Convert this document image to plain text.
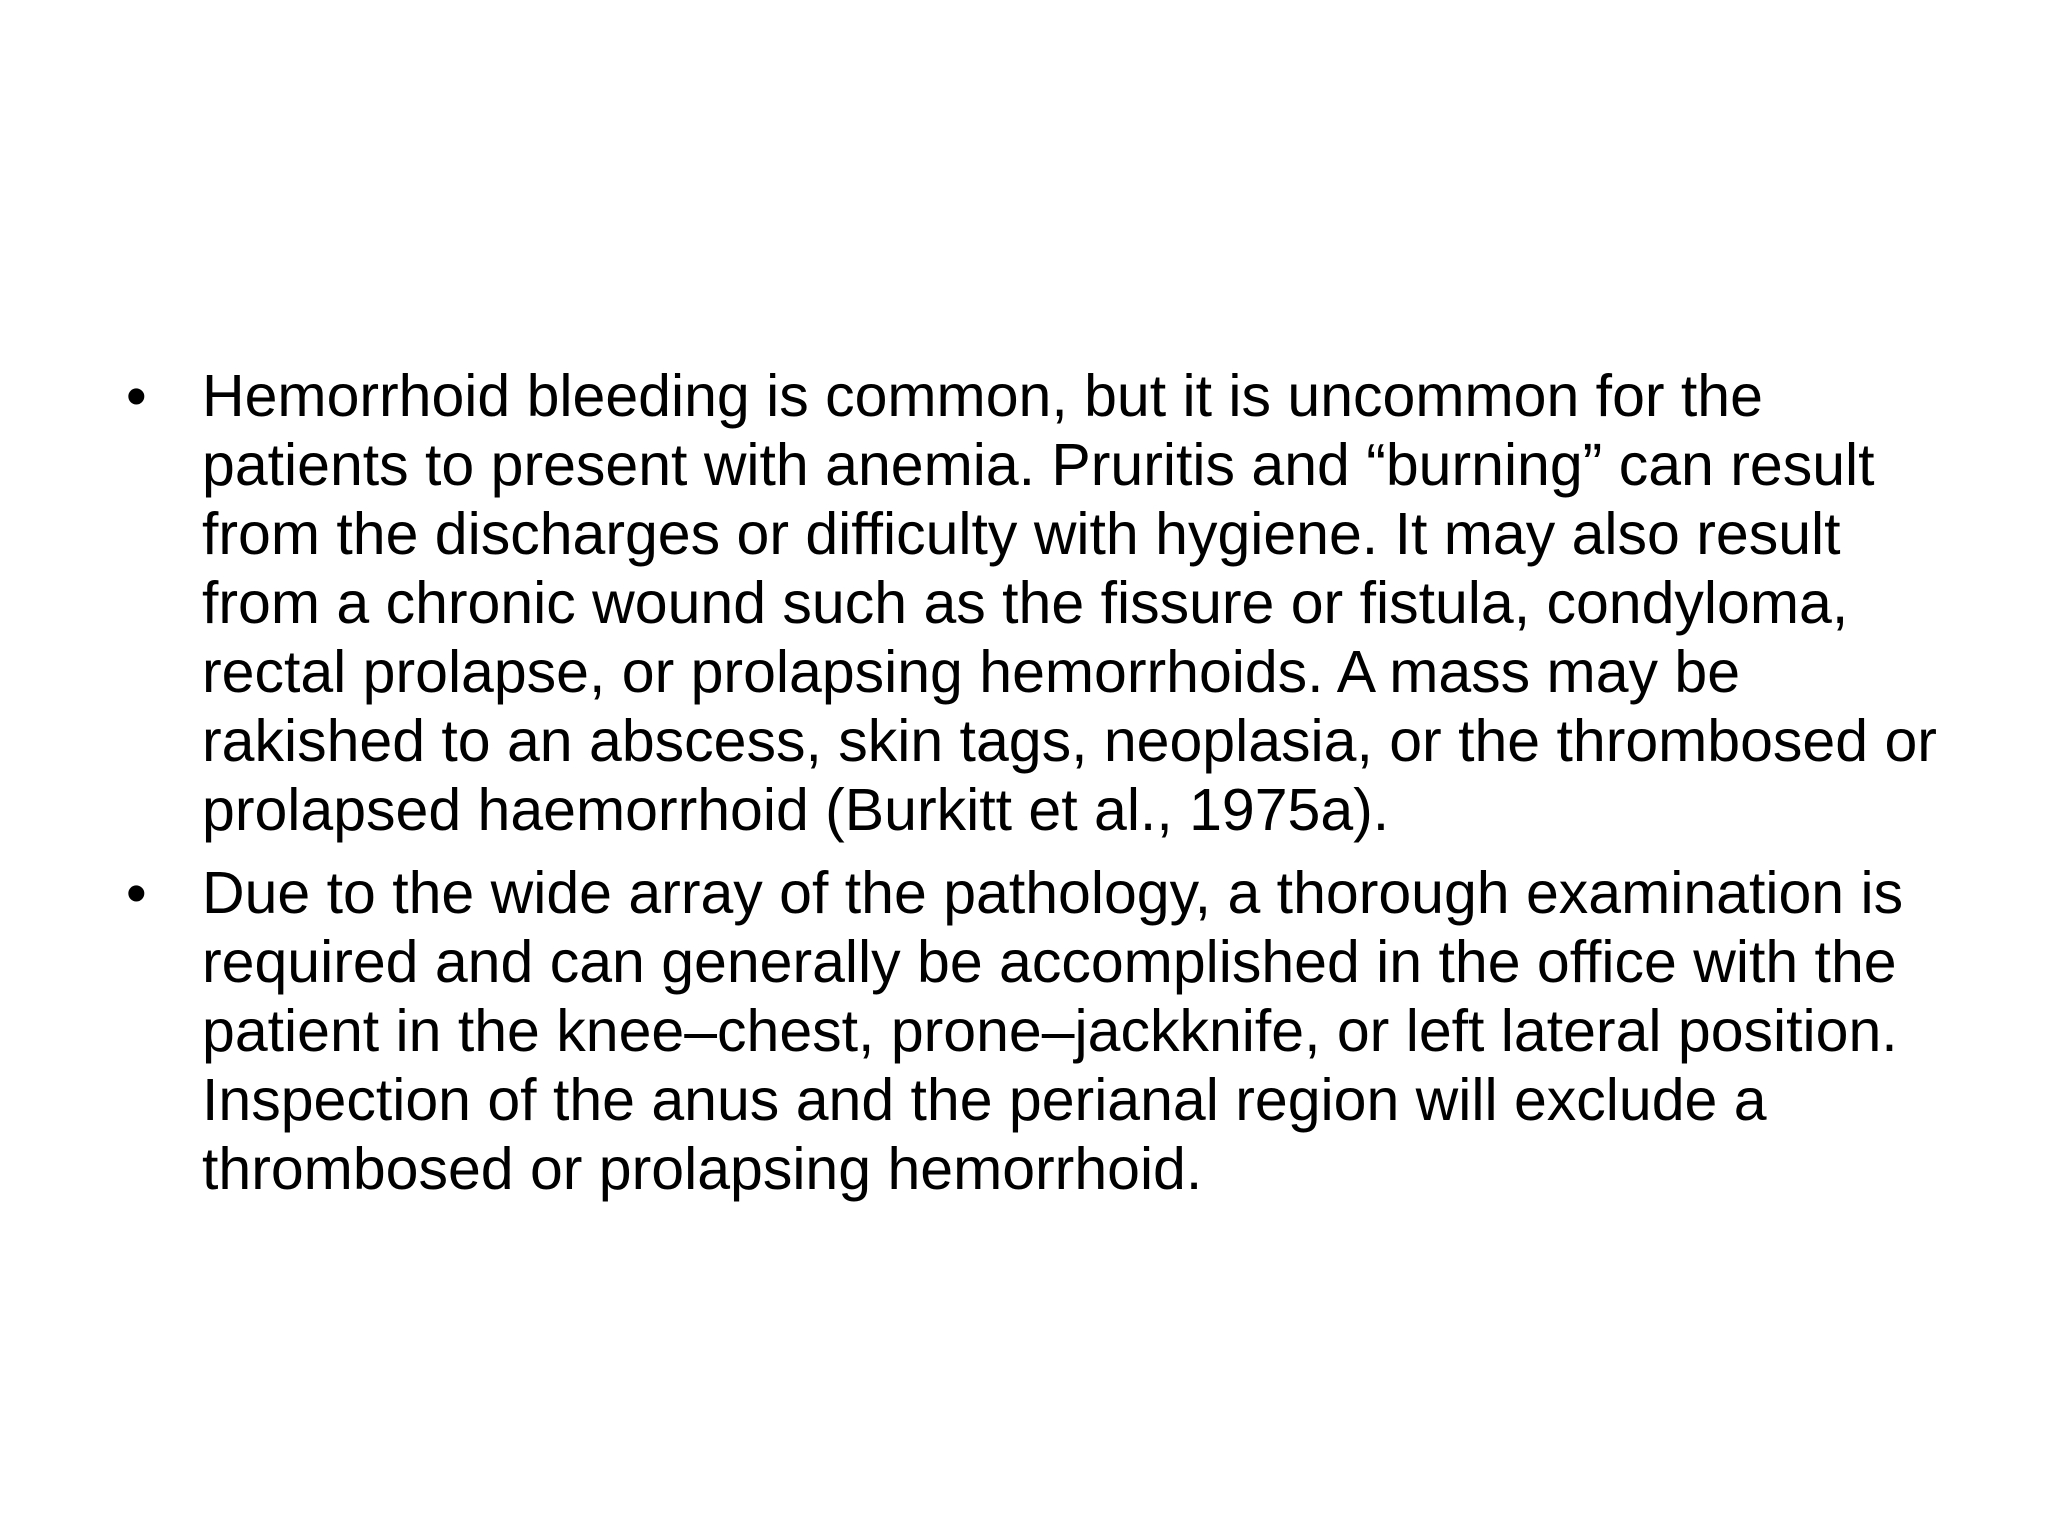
• Hemorrhoid bleeding is common, but it is uncommon for the patients to present with anemia. Pruritis and “burning” can result from the discharges or difficulty with hygiene. It may also result from a chronic wound such as the fissure or fistula, condyloma, rectal prolapse, or prolapsing hemorrhoids. A mass may be rakished to an abscess, skin tags, neoplasia, or the thrombosed or prolapsed haemorrhoid (Burkitt et al., 1975a).
• Due to the wide array of the pathology, a thorough examination is required and can generally be accomplished in the office with the patient in the knee–chest, prone–jackknife, or left lateral position. Inspection of the anus and the perianal region will exclude a thrombosed or prolapsing hemorrhoid.
